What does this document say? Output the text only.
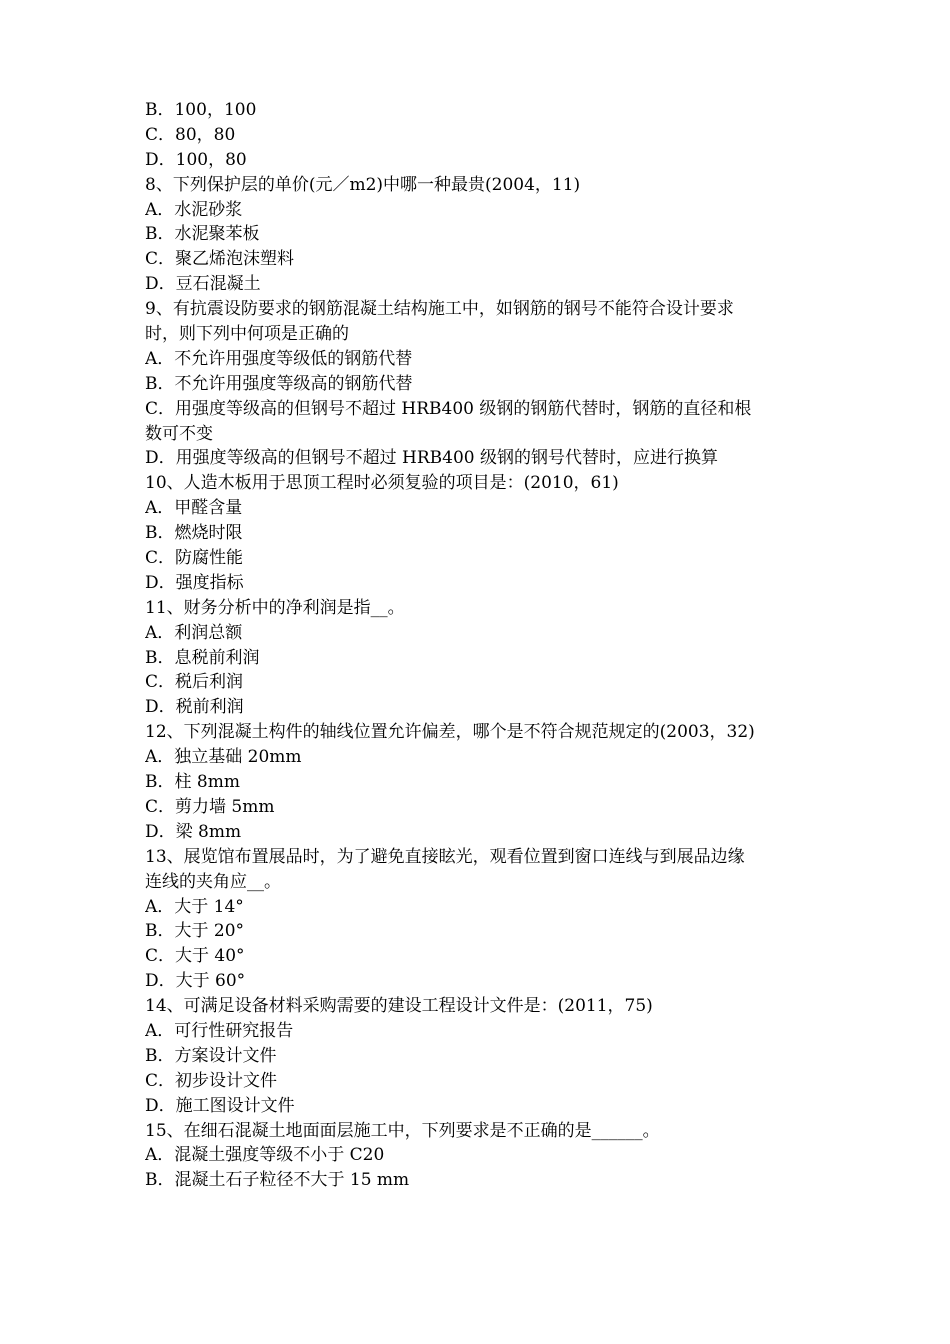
B．100，100
C．80，80
D．100，80
8、下列保护层的单价(元／m2)中哪一种最贵(2004，11)
A．水泥砂浆
B．水泥聚苯板
C．聚乙烯泡沫塑料
D．豆石混凝土
9、有抗震设防要求的钢筋混凝土结构施工中，如钢筋的钢号不能符合设计要求
时，则下列中何项是正确的
A．不允许用强度等级低的钢筋代替
B．不允许用强度等级高的钢筋代替
C．用强度等级高的但钢号不超过 HRB400 级钢的钢筋代替时，钢筋的直径和根
数可不变
D．用强度等级高的但钢号不超过 HRB400 级钢的钢号代替时，应进行换算
10、人造木板用于思顶工程时必须复验的项目是：(2010，61)
A．甲醛含量
B．燃烧时限
C．防腐性能
D．强度指标
11、财务分析中的净利润是指__。
A．利润总额
B．息税前利润
C．税后利润
D．税前利润
12、下列混凝土构件的轴线位置允许偏差，哪个是不符合规范规定的(2003，32)
A．独立基础 20mm
B．柱 8mm
C．剪力墙 5mm
D．梁 8mm
13、展览馆布置展品时，为了避免直接眩光，观看位置到窗口连线与到展品边缘
连线的夹角应__。
A．大于 14°
B．大于 20°
C．大于 40°
D．大于 60°
14、可满足设备材料采购需要的建设工程设计文件是：(2011，75)
A．可行性研究报告
B．方案设计文件
C．初步设计文件
D．施工图设计文件
15、在细石混凝土地面面层施工中，下列要求是不正确的是______。
A．混凝土强度等级不小于 C20
B．混凝土石子粒径不大于 15 mm
